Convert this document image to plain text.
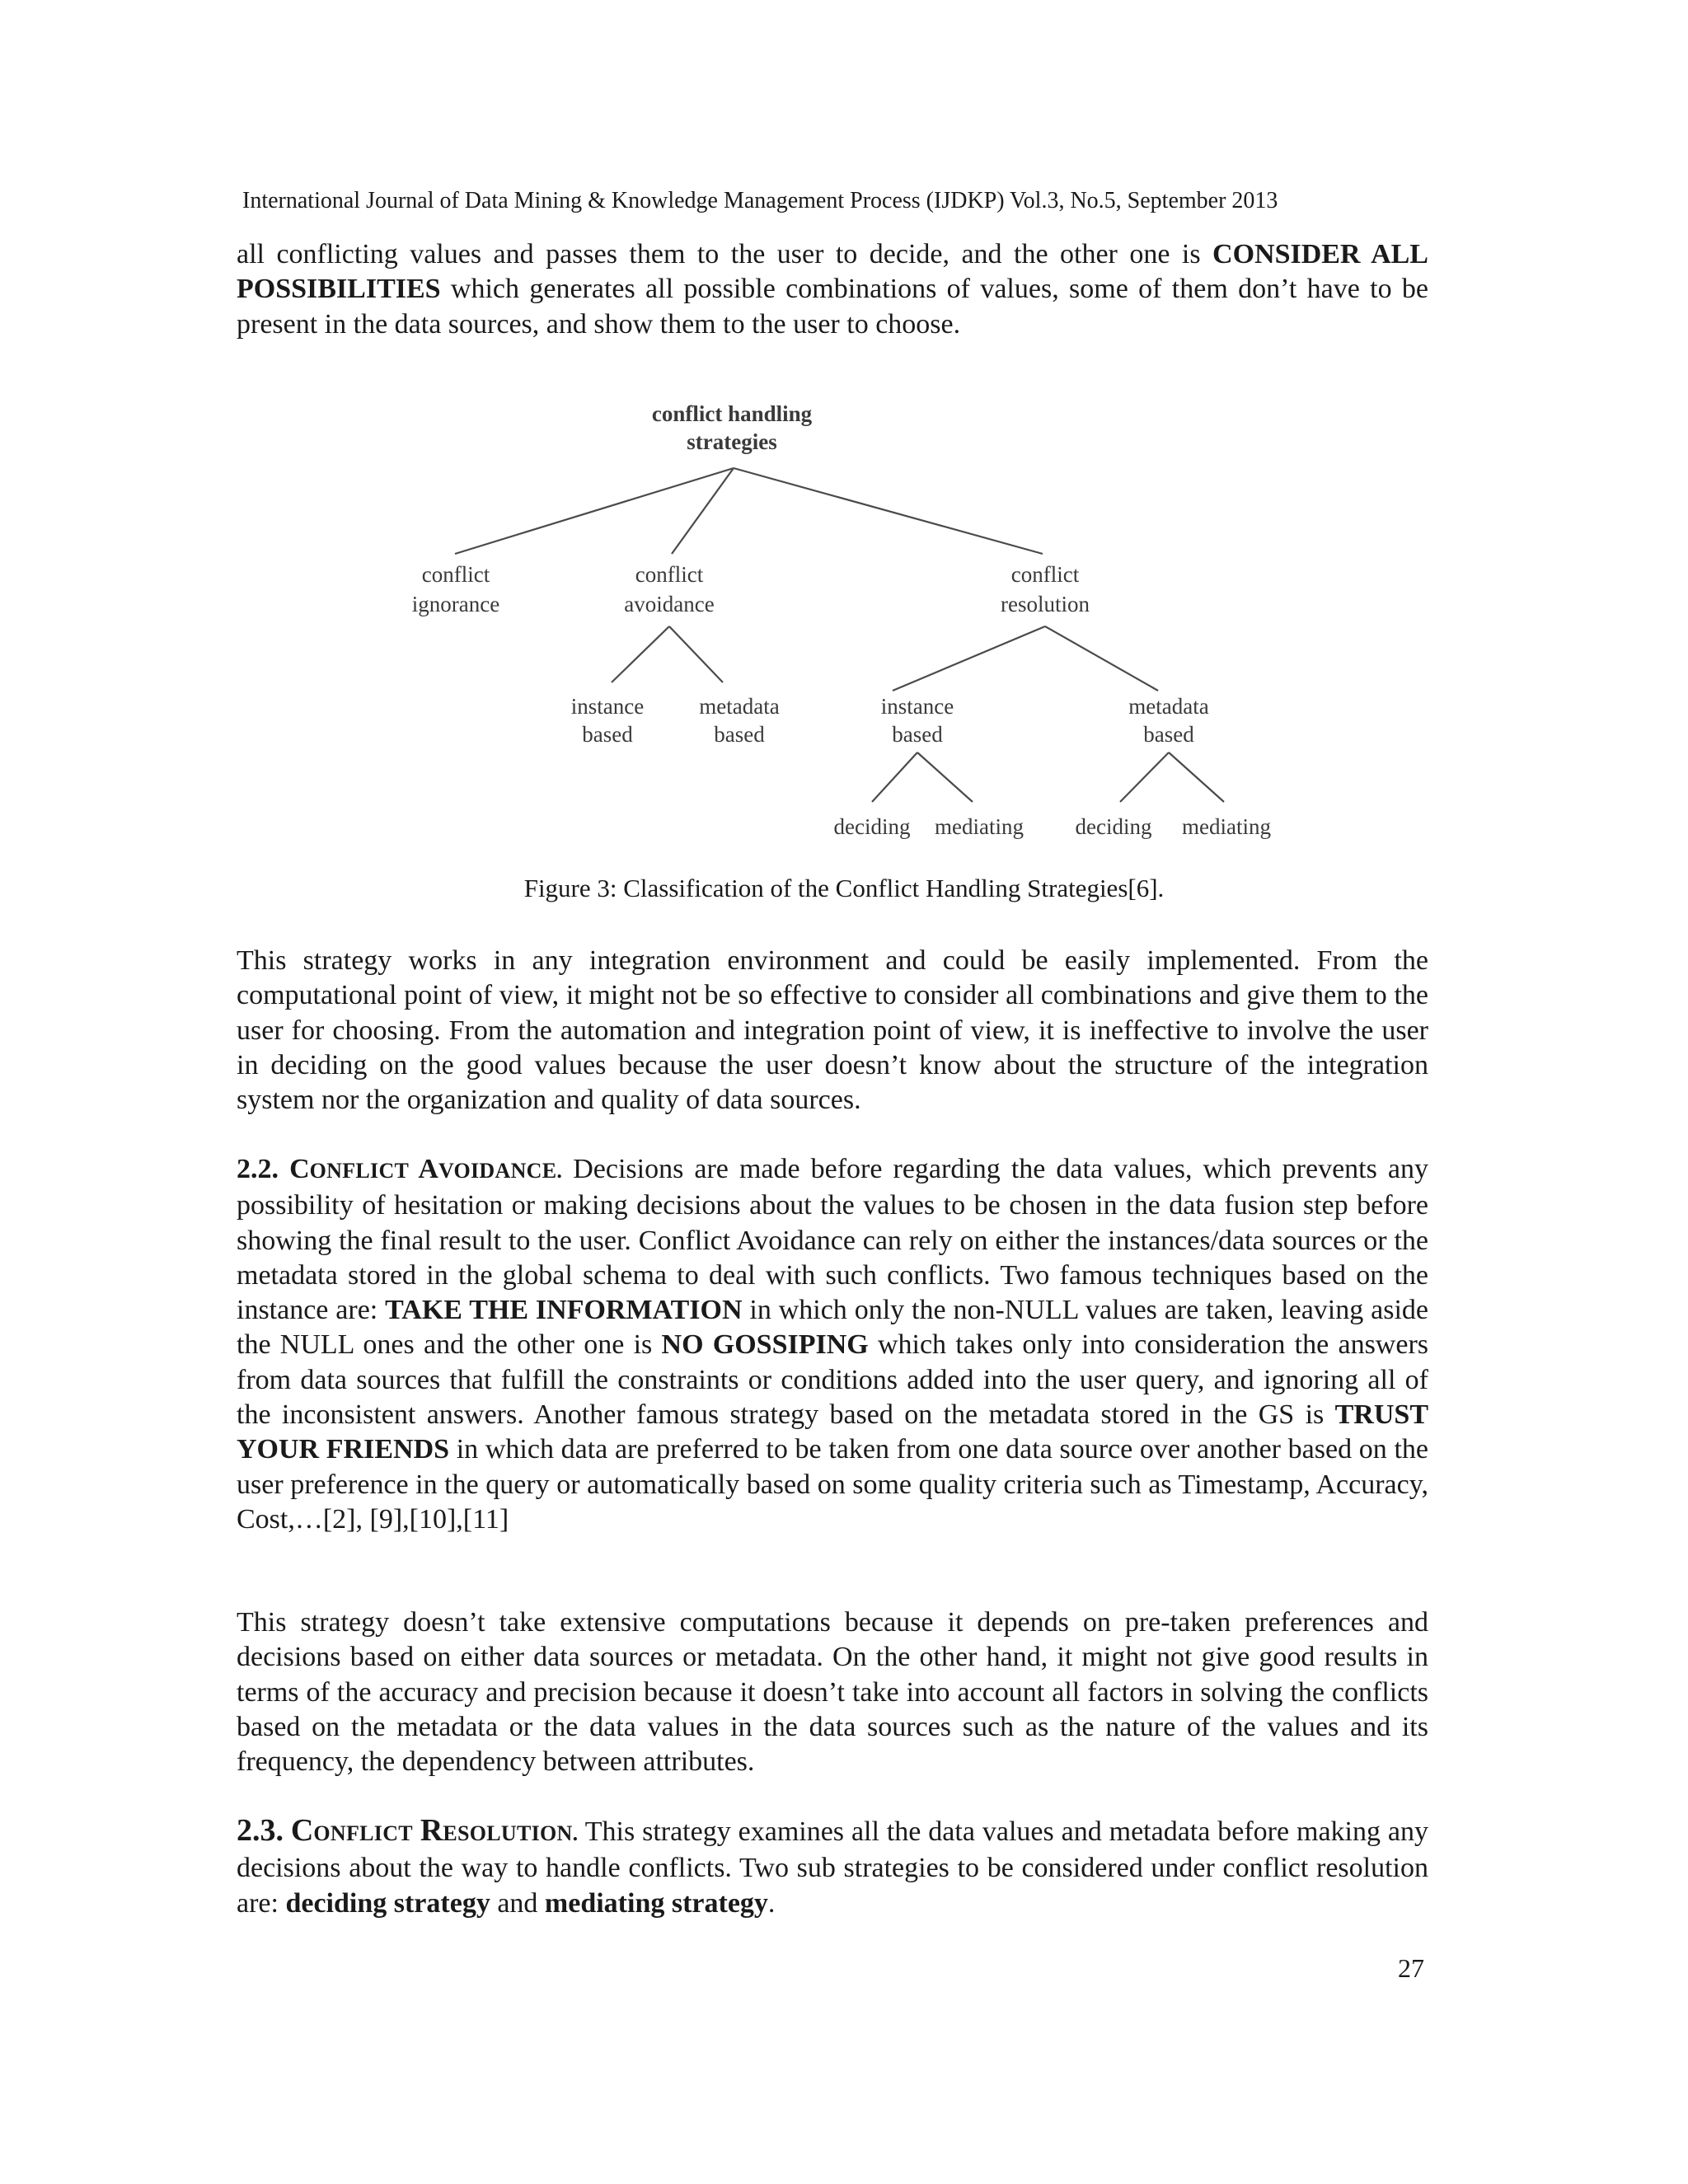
International Journal of Data Mining & Knowledge Management Process (IJDKP) Vol.3, No.5, September 2013
all conflicting values and passes them to the user to decide, and the other one is CONSIDER ALL POSSIBILITIES which generates all possible combinations of values, some of them don’t have to be present in the data sources, and show them to the user to choose.
conflict handling
strategies
conflict
ignorance
conflict
avoidance
conflict
resolution
instance
based
metadata
based
instance
based
metadata
based
deciding mediating deciding mediating
Figure 3: Classification of the Conflict Handling Strategies[6].
This strategy works in any integration environment and could be easily implemented. From the computational point of view, it might not be so effective to consider all combinations and give them to the user for choosing. From the automation and integration point of view, it is ineffective to involve the user in deciding on the good values because the user doesn’t know about the structure of the integration system nor the organization and quality of data sources.
2.2. CONFLICT AVOIDANCE. Decisions are made before regarding the data values, which prevents any possibility of hesitation or making decisions about the values to be chosen in the data fusion step before showing the final result to the user. Conflict Avoidance can rely on either the instances/data sources or the metadata stored in the global schema to deal with such conflicts. Two famous techniques based on the instance are: TAKE THE INFORMATION in which only the non-NULL values are taken, leaving aside the NULL ones and the other one is NO GOSSIPING which takes only into consideration the answers from data sources that fulfill the constraints or conditions added into the user query, and ignoring all of the inconsistent answers. Another famous strategy based on the metadata stored in the GS is TRUST YOUR FRIENDS in which data are preferred to be taken from one data source over another based on the user preference in the query or automatically based on some quality criteria such as Timestamp, Accuracy, Cost,…[2], [9],[10],[11]
This strategy doesn’t take extensive computations because it depends on pre-taken preferences and decisions based on either data sources or metadata. On the other hand, it might not give good results in terms of the accuracy and precision because it doesn’t take into account all factors in solving the conflicts based on the metadata or the data values in the data sources such as the nature of the values and its frequency, the dependency between attributes.
2.3. CONFLICT RESOLUTION. This strategy examines all the data values and metadata before making any decisions about the way to handle conflicts. Two sub strategies to be considered under conflict resolution are: deciding strategy and mediating strategy.
27
